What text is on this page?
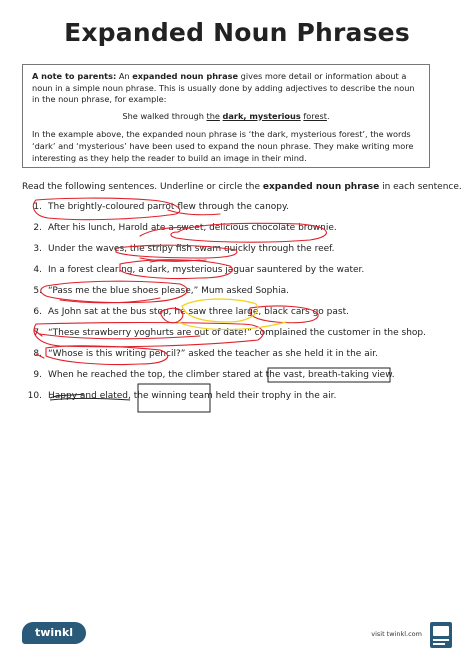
Expanded Noun Phrases

A note to parents: An expanded noun phrase gives more detail or information about a noun in a simple noun phrase. This is usually done by adding adjectives to describe the noun in the noun phrase, for example:

She walked through the dark, mysterious forest.

In the example above, the expanded noun phrase is ‘the dark, mysterious forest’, the words ‘dark’ and ‘mysterious’ have been used to expand the noun phrase. They make writing more interesting as they help the reader to build an image in their mind.

Read the following sentences. Underline or circle the expanded noun phrase in each sentence.
1. The brightly-coloured parrot flew through the canopy.
2. After his lunch, Harold ate a sweet, delicious chocolate brownie.
3. Under the waves, the stripy fish swam quickly through the reef.
4. In a forest clearing, a dark, mysterious jaguar sauntered by the water.
5. “Pass me the blue shoes please,” Mum asked Sophia.
6. As John sat at the bus stop, he saw three large, black cars go past.
7. “These strawberry yoghurts are out of date!” complained the customer in the shop.
8. “Whose is this writing pencil?” asked the teacher as she held it in the air.
9. When he reached the top, the climber stared at the vast, breath-taking view.
10. Happy and elated, the winning team held their trophy in the air.
twinkl	visit twinkl.com
